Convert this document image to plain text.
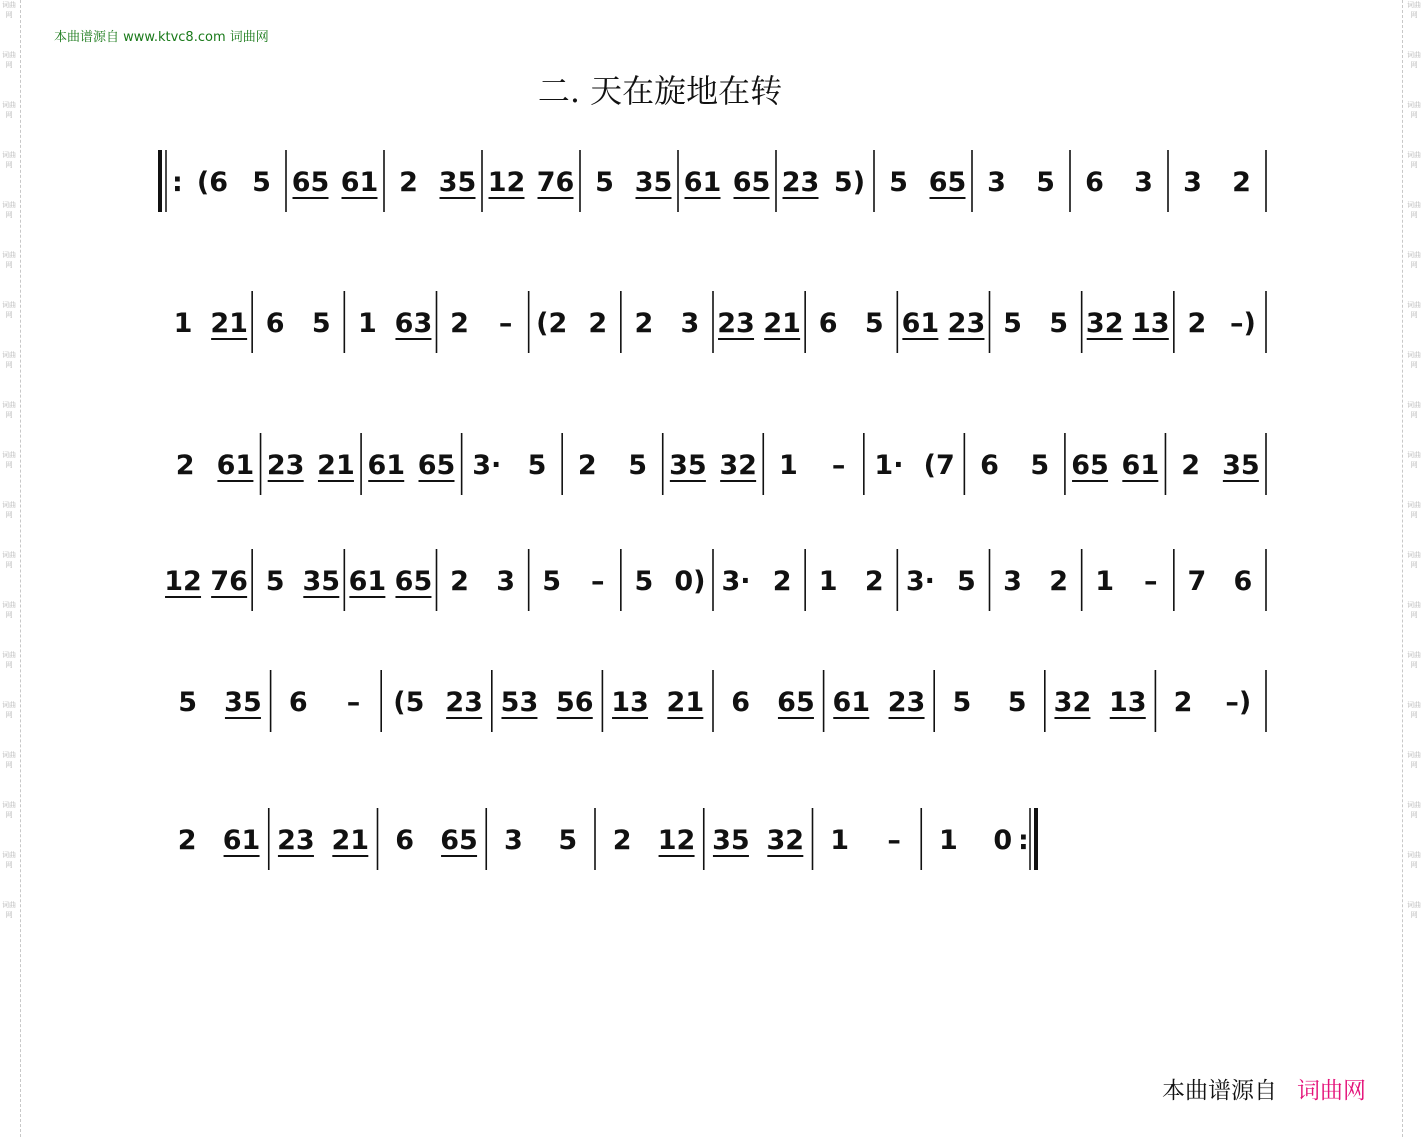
词曲网
词曲网
词曲网
词曲网
词曲网
词曲网
词曲网
词曲网
词曲网
词曲网
词曲网
词曲网
词曲网
词曲网
词曲网
词曲网
词曲网
词曲网
词曲网
词曲网
词曲网
词曲网
词曲网
词曲网
词曲网
词曲网
词曲网
词曲网
词曲网
词曲网
词曲网
词曲网
词曲网
词曲网
词曲网
词曲网
词曲网
词曲网
本曲谱源自 www.ktvc8.com 词曲网
二. 天在旋地在转
: (6 5 65 61 2 35 12 76 5 35 61 65 23 5) 5 65 3 5 6 3 3 2
1 21 6 5 1 63 2 – (2 2 2 3 23 21 6 5 61 23 5 5 32 13 2 –)
2 61 23 21 61 65 3· 5 2 5 35 32 1 – 1· (7 6 5 65 61 2 35
12 76 5 35 61 65 2 3 5 – 5 0) 3· 2 1 2 3· 5 3 2 1 – 7 6
5 35 6 – (5 23 53 56 13 21 6 65 61 23 5 5 32 13 2 –)
2 61 23 21 6 65 3 5 2 12 35 32 1 – 1 0 :
本曲谱源自 词曲网
